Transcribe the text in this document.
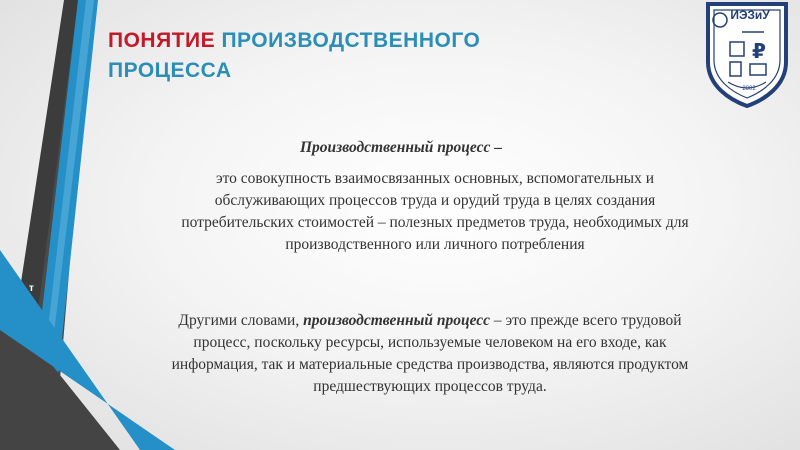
ПОНЯТИЕ ПРОИЗВОДСТВЕННОГО
ПРОЦЕССА
₽
ИЭЗиУ
2002
т
Производственный процесс –

это совокупность взаимосвязанных основных, вспомогательных и
обслуживающих процессов труда и орудий труда в целях создания
потребительских стоимостей – полезных предметов труда, необходимых для
производственного или личного потребления

Другими словами, производственный процесс – это прежде всего трудовой
процесс, поскольку ресурсы, используемые человеком на его входе, как
информация, так и материальные средства производства, являются продуктом
предшествующих процессов труда.
